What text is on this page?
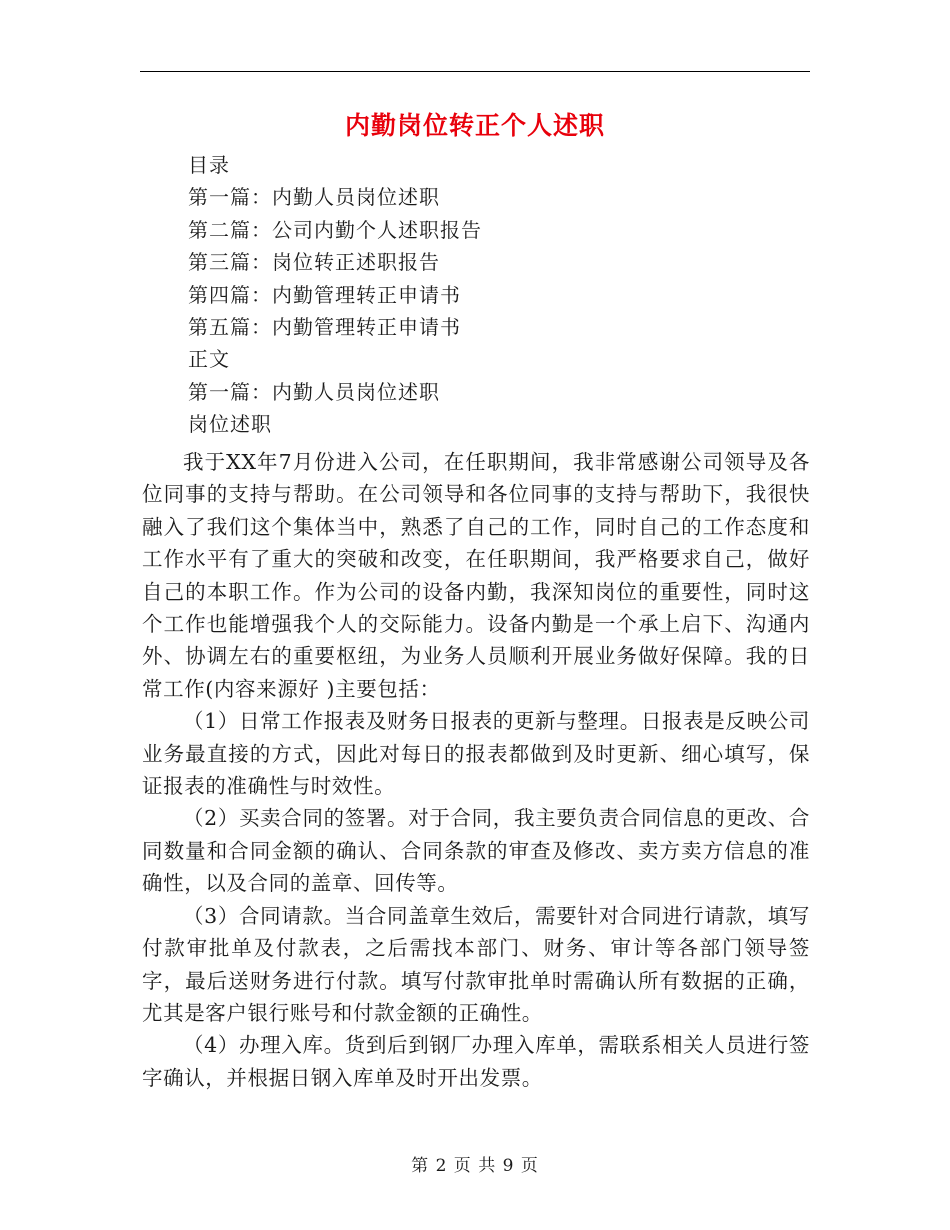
内勤岗位转正个人述职
目录
第一篇：内勤人员岗位述职
第二篇：公司内勤个人述职报告
第三篇：岗位转正述职报告
第四篇：内勤管理转正申请书
第五篇：内勤管理转正申请书
正文
第一篇：内勤人员岗位述职
岗位述职

我于XX年7月份进入公司，在任职期间，我非常感谢公司领导及各位同事的支持与帮助。在公司领导和各位同事的支持与帮助下，我很快融入了我们这个集体当中，熟悉了自己的工作，同时自己的工作态度和工作水平有了重大的突破和改变，在任职期间，我严格要求自己，做好自己的本职工作。作为公司的设备内勤，我深知岗位的重要性，同时这个工作也能增强我个人的交际能力。设备内勤是一个承上启下、沟通内外、协调左右的重要枢纽，为业务人员顺利开展业务做好保障。我的日常工作(内容来源好 )主要包括：

（1）日常工作报表及财务日报表的更新与整理。日报表是反映公司业务最直接的方式，因此对每日的报表都做到及时更新、细心填写，保证报表的准确性与时效性。

（2）买卖合同的签署。对于合同，我主要负责合同信息的更改、合同数量和合同金额的确认、合同条款的审查及修改、卖方卖方信息的准确性，以及合同的盖章、回传等。

（3）合同请款。当合同盖章生效后，需要针对合同进行请款，填写付款审批单及付款表，之后需找本部门、财务、审计等各部门领导签字，最后送财务进行付款。填写付款审批单时需确认所有数据的正确，尤其是客户银行账号和付款金额的正确性。

（4）办理入库。货到后到钢厂办理入库单，需联系相关人员进行签字确认，并根据日钢入库单及时开出发票。

第 2 页 共 9 页
